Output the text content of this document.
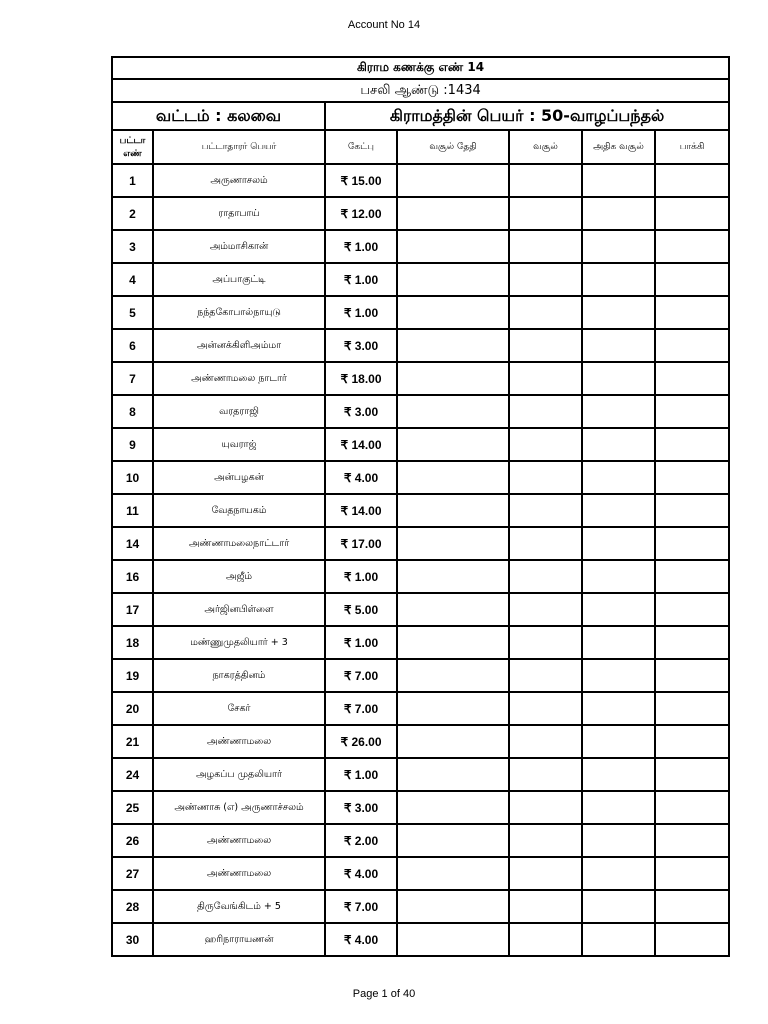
Account No 14
கிராம கணக்கு எண் 14						
பசலி ஆண்டு :1434						
வட்டம் : கலவை		கிராமத்தின் பெயர் : 50-வாழப்பந்தல்				
பட்டா எண்	பட்டாதாரர் பெயர்	கேட்பு	வசூல் தேதி	வசூல்	அதிக வசூல்	பாக்கி
1	அருணாசலம்	₹ 15.00				
2	ராதாபாய்	₹ 12.00				
3	அம்மாசிகான்	₹ 1.00				
4	அப்பாகுட்டி	₹ 1.00				
5	நந்தகோபால்நாயுடு	₹ 1.00				
6	அன்னக்கிளிஅம்மா	₹ 3.00				
7	அண்ணாமலை நாடார்	₹ 18.00				
8	வரதராஜி	₹ 3.00				
9	யுவராஜ்	₹ 14.00				
10	அன்பழகன்	₹ 4.00				
11	வேதநாயகம்	₹ 14.00				
14	அண்ணாமலைநாட்டார்	₹ 17.00				
16	அஜீம்	₹ 1.00				
17	அர்ஜினபிள்ளை	₹ 5.00				
18	மண்ணுமுதலியார் + 3	₹ 1.00				
19	நாகரத்தினம்	₹ 7.00				
20	சேகர்	₹ 7.00				
21	அண்ணாமலை	₹ 26.00				
24	அழகப்ப முதலியார்	₹ 1.00				
25	அண்ணாசு (எ) அருணாச்சலம்	₹ 3.00				
26	அண்ணாமலை	₹ 2.00				
27	அண்ணாமலை	₹ 4.00				
28	திருவேங்கிடம் + 5	₹ 7.00				
30	ஹரிநாராயணன்	₹ 4.00				
Page 1 of 40
